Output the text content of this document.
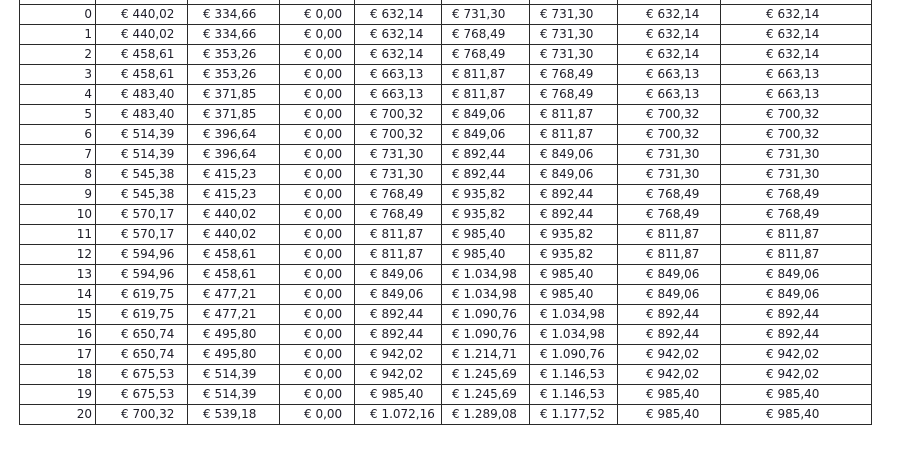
0	€ 440,02	€ 334,66	€ 0,00	€ 632,14	€ 731,30	€ 731,30	€ 632,14	€ 632,14
1	€ 440,02	€ 334,66	€ 0,00	€ 632,14	€ 768,49	€ 731,30	€ 632,14	€ 632,14
2	€ 458,61	€ 353,26	€ 0,00	€ 632,14	€ 768,49	€ 731,30	€ 632,14	€ 632,14
3	€ 458,61	€ 353,26	€ 0,00	€ 663,13	€ 811,87	€ 768,49	€ 663,13	€ 663,13
4	€ 483,40	€ 371,85	€ 0,00	€ 663,13	€ 811,87	€ 768,49	€ 663,13	€ 663,13
5	€ 483,40	€ 371,85	€ 0,00	€ 700,32	€ 849,06	€ 811,87	€ 700,32	€ 700,32
6	€ 514,39	€ 396,64	€ 0,00	€ 700,32	€ 849,06	€ 811,87	€ 700,32	€ 700,32
7	€ 514,39	€ 396,64	€ 0,00	€ 731,30	€ 892,44	€ 849,06	€ 731,30	€ 731,30
8	€ 545,38	€ 415,23	€ 0,00	€ 731,30	€ 892,44	€ 849,06	€ 731,30	€ 731,30
9	€ 545,38	€ 415,23	€ 0,00	€ 768,49	€ 935,82	€ 892,44	€ 768,49	€ 768,49
10	€ 570,17	€ 440,02	€ 0,00	€ 768,49	€ 935,82	€ 892,44	€ 768,49	€ 768,49
11	€ 570,17	€ 440,02	€ 0,00	€ 811,87	€ 985,40	€ 935,82	€ 811,87	€ 811,87
12	€ 594,96	€ 458,61	€ 0,00	€ 811,87	€ 985,40	€ 935,82	€ 811,87	€ 811,87
13	€ 594,96	€ 458,61	€ 0,00	€ 849,06	€ 1.034,98	€ 985,40	€ 849,06	€ 849,06
14	€ 619,75	€ 477,21	€ 0,00	€ 849,06	€ 1.034,98	€ 985,40	€ 849,06	€ 849,06
15	€ 619,75	€ 477,21	€ 0,00	€ 892,44	€ 1.090,76	€ 1.034,98	€ 892,44	€ 892,44
16	€ 650,74	€ 495,80	€ 0,00	€ 892,44	€ 1.090,76	€ 1.034,98	€ 892,44	€ 892,44
17	€ 650,74	€ 495,80	€ 0,00	€ 942,02	€ 1.214,71	€ 1.090,76	€ 942,02	€ 942,02
18	€ 675,53	€ 514,39	€ 0,00	€ 942,02	€ 1.245,69	€ 1.146,53	€ 942,02	€ 942,02
19	€ 675,53	€ 514,39	€ 0,00	€ 985,40	€ 1.245,69	€ 1.146,53	€ 985,40	€ 985,40
20	€ 700,32	€ 539,18	€ 0,00	€ 1.072,16	€ 1.289,08	€ 1.177,52	€ 985,40	€ 985,40
